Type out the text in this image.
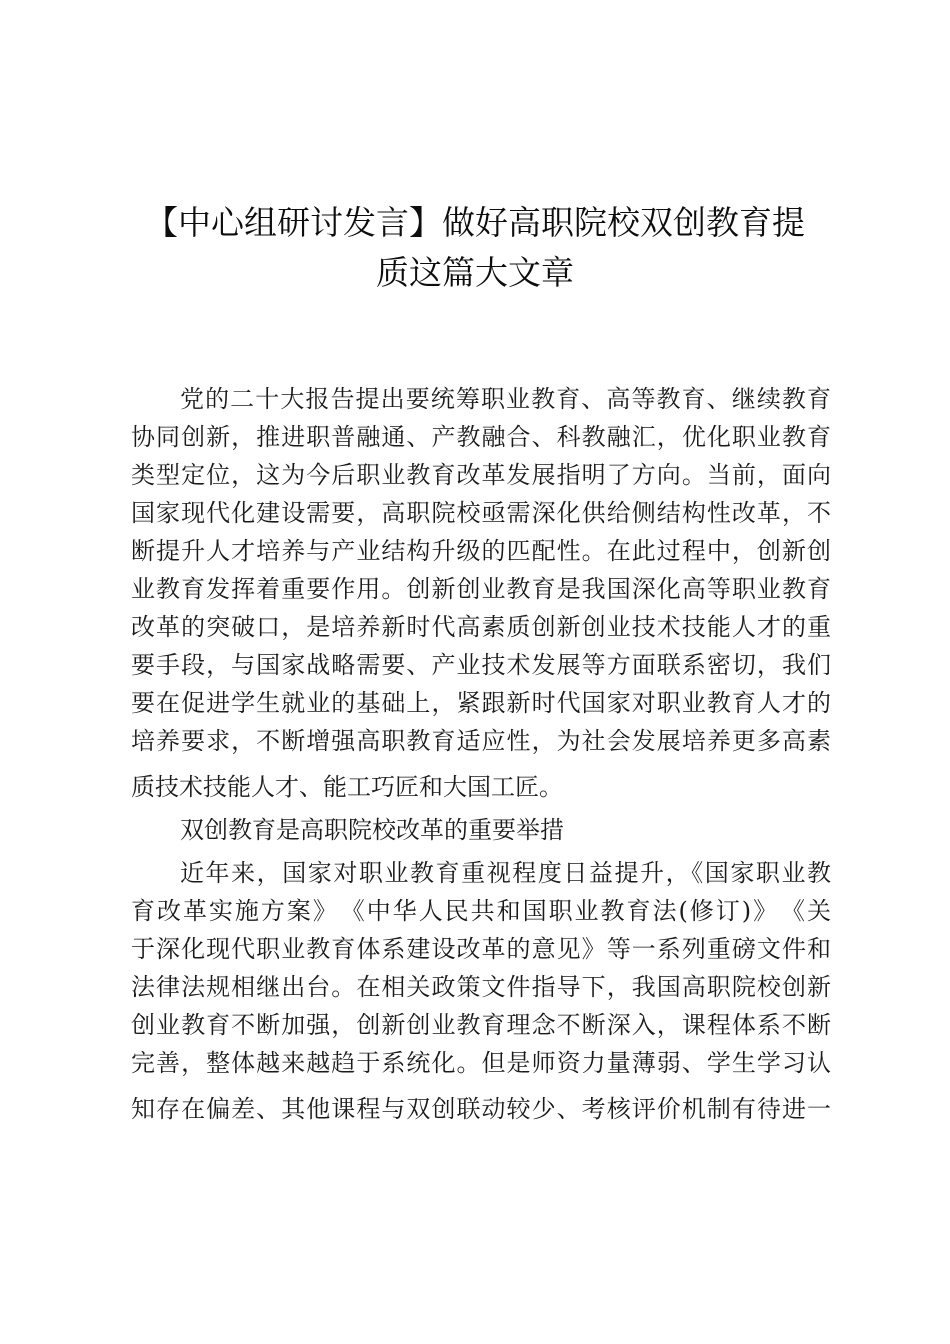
【中心组研讨发言】做好高职院校双创教育提
质这篇大文章
党的二十大报告提出要统筹职业教育、高等教育、继续教育
协同创新，推进职普融通、产教融合、科教融汇，优化职业教育
类型定位，这为今后职业教育改革发展指明了方向。当前，面向
国家现代化建设需要，高职院校亟需深化供给侧结构性改革，不
断提升人才培养与产业结构升级的匹配性。在此过程中，创新创
业教育发挥着重要作用。创新创业教育是我国深化高等职业教育
改革的突破口，是培养新时代高素质创新创业技术技能人才的重
要手段，与国家战略需要、产业技术发展等方面联系密切，我们
要在促进学生就业的基础上，紧跟新时代国家对职业教育人才的
培养要求，不断增强高职教育适应性，为社会发展培养更多高素
质技术技能人才、能工巧匠和大国工匠。
双创教育是高职院校改革的重要举措
近年来，国家对职业教育重视程度日益提升，《国家职业教
育改革实施方案》　《中华人民共和国职业教育法(修订)》　《关
于深化现代职业教育体系建设改革的意见》等一系列重磅文件和
法律法规相继出台。在相关政策文件指导下，我国高职院校创新
创业教育不断加强，创新创业教育理念不断深入，课程体系不断
完善，整体越来越趋于系统化。但是师资力量薄弱、学生学习认
知存在偏差、其他课程与双创联动较少、考核评价机制有待进一
